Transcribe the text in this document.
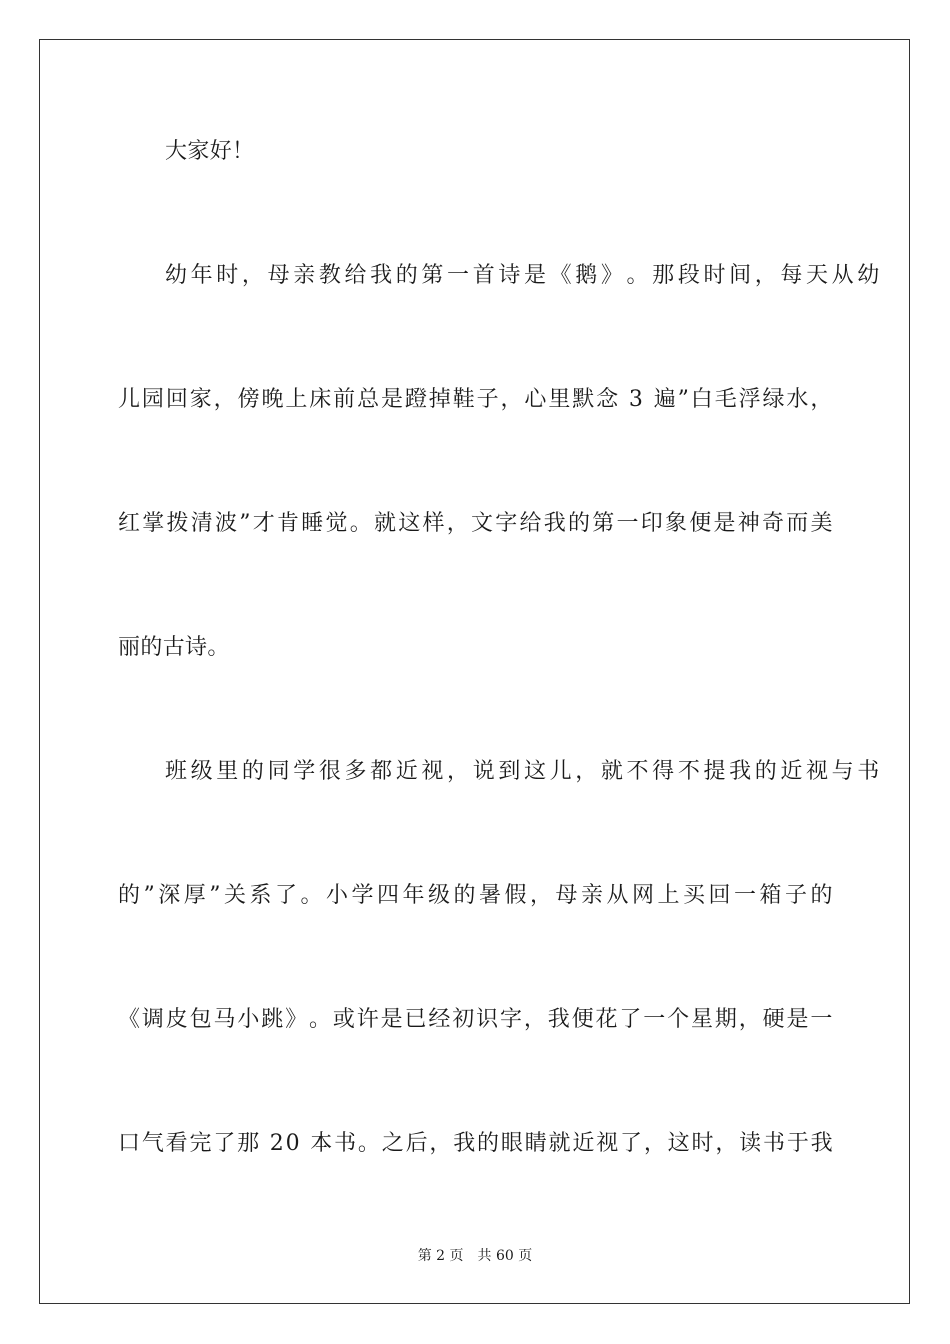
大家好！
幼 年 时 ， 母 亲 教 给 我 的 第 一 首 诗 是 《 鹅 》 。 那 段 时 间 ， 每 天 从 幼
儿 园 回 家 ， 傍 晚 上 床 前 总 是 蹬 掉 鞋 子 ， 心 里 默 念
3
遍 ” 白 毛 浮 绿 水 ，
红 掌 拨 清 波 ” 才 肯 睡 觉 。 就 这 样 ， 文 字 给 我 的 第 一 印 象 便 是 神 奇 而 美
丽的古诗。
班 级 里 的 同 学 很 多 都 近 视 ， 说 到 这 儿 ， 就 不 得 不 提 我 的 近 视 与 书
的 ” 深 厚 ” 关 系 了 。 小 学 四 年 级 的 暑 假 ， 母 亲 从 网 上 买 回 一 箱 子 的
《 调 皮 包 马 小 跳 》 。 或 许 是 已 经 初 识 字 ， 我 便 花 了 一 个 星 期 ， 硬 是 一
口 气 看 完 了 那
2 0
本 书 。 之 后 ， 我 的 眼 睛 就 近 视 了 ， 这 时 ， 读 书 于 我
第 2 页 共 60 页
